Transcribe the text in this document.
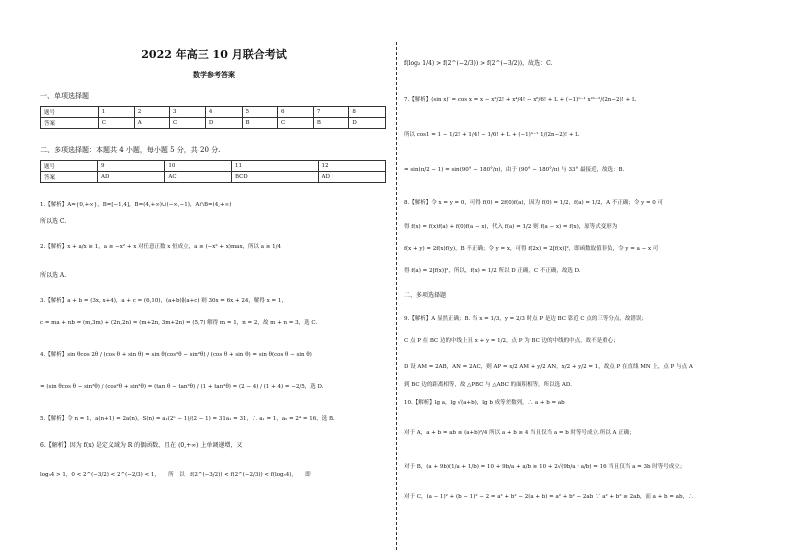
2022 年高三 10 月联合考试
数学参考答案
一、单项选择题
题号	1	2	3	4	5	6	7	8
答案	C	A	C	D	B	C	B	D
二、多项选择题：本题共 4 小题，每小题 5 分，共 20 分.
题号	9	10	11	12
答案	AD	AC	BCD	AD
1.【解析】A={0,+∞}，B=[−1,4]，B=(4,+∞)∪(−∞,−1)，A∩B=(4,+∞)
所以选 C.
2.【解析】x + a/x ≥ 1，a ≥ −x² + x 对任意正数 x 恒成立，a ≥ (−x² + x)max，所以 a ≥ 1/4
所以选 A.
3.【解析】a + b = (3x, x+4)，a + c = (6,10)，(a+b)∥(a+c) 则 30x = 6x + 24，解得 x = 1，
c = ma + nb = (m,3m) + (2n,2n) = (m+2n, 3m+2n) = (5,7) 解得 m = 1，n = 2，故 m + n = 3，选 C.
4.【解析】sin θcos 2θ / (cos θ + sin θ) = sin θ(cos²θ − sin²θ) / (cos θ + sin θ) = sin θ(cos θ − sin θ)
= (sin θcos θ − sin²θ) / (cos²θ + sin²θ) = (tan θ − tan²θ) / (1 + tan²θ) = (2 − 4) / (1 + 4) = −2/5，选 D.
5.【解析】令 n = 1，a(n+1) = 2a(n)，S(n) = a₁(2ⁿ − 1)/(2 − 1) = 31a₁ = 31，∴ a₁ = 1，a₅ = 2⁴ = 16，选 B.
6.【解析】因为 f(x) 是定义域为 R 的偶函数，且在 (0,+∞) 上单调递增，又
log₃4 > 1，0 < 2^(−3/2) < 2^(−2/3) < 1，　　所　以　f(2^(−3/2)) < f(2^(−2/3)) < f(log₃4)，　　即
f(log₃ 1/4) > f(2^(−2/3)) > f(2^(−3/2))，故选：C.
7.【解析】(sin x)′ = cos x = x − x²/2! + x⁴/4! − x⁶/6! + L + (−1)ⁿ⁻¹ x²ⁿ⁻²/(2n−2)! + L
所以 cos1 = 1 − 1/2! + 1/4! − 1/6! + L + (−1)ⁿ⁻¹ 1/(2n−2)! + L
= sin(π/2 − 1) = sin(90° − 180°/π)，由于 (90° − 180°/π) 与 33° 最接近，故选：B.
8.【解析】令 x = y = 0，可得 f(0) = 2f(0)f(a)，因为 f(0) = 1/2，f(a) = 1/2，A 不正确；令 y = 0 可
得 f(x) = f(x)f(a) + f(0)f(a − x)，代入 f(a) = 1/2 则 f(a − x) = f(x)，原等式变形为
f(x + y) = 2f(x)f(y)，B 不正确；令 y = x，可得 f(2x) = 2[f(x)]²，即函数取值非负，令 y = a − x 可
得 f(a) = 2[f(x)]²，所以，f(x) = 1/2 所以 D 正确，C 不正确，故选 D.
二、多项选择题
9.【解析】A 显然正确；B. 当 x = 1/3，y = 2/3 时点 P 是边 BC 靠近 C 点的三等分点，故错误；
C 点 P 在 BC 边的中线上且 x + y = 1/2，点 P 为 BC 边的中线的中点，故不是重心；
D 设 AM = 2AB，AN = 2AC，则 AP = x/2 AM + y/2 AN，x/2 + y/2 = 1，故点 P 在直线 MN 上，点 P 与点 A
到 BC 边的距离相等，故 △PBC 与 △ABC 的面积相等，所以选 AD.
10.【解析】lg a，lg √(a+b)，lg b 成等差数列，∴ a + b = ab
对于 A，a + b = ab ≤ (a+b)²/4 所以 a + b ≥ 4 当且仅当 a = b 时等号成立.所以 A 正确；
对于 B，(a + 9b)(1/a + 1/b) = 10 + 9b/a + a/b ≥ 10 + 2√(9b/a · a/b) = 16 当且仅当 a = 3b 时等号成立；
对于 C，(a − 1)² + (b − 1)² − 2 = a² + b² − 2(a + b) = a² + b² − 2ab ∵ a² + b² ≥ 2ab，而 a + b = ab，∴
